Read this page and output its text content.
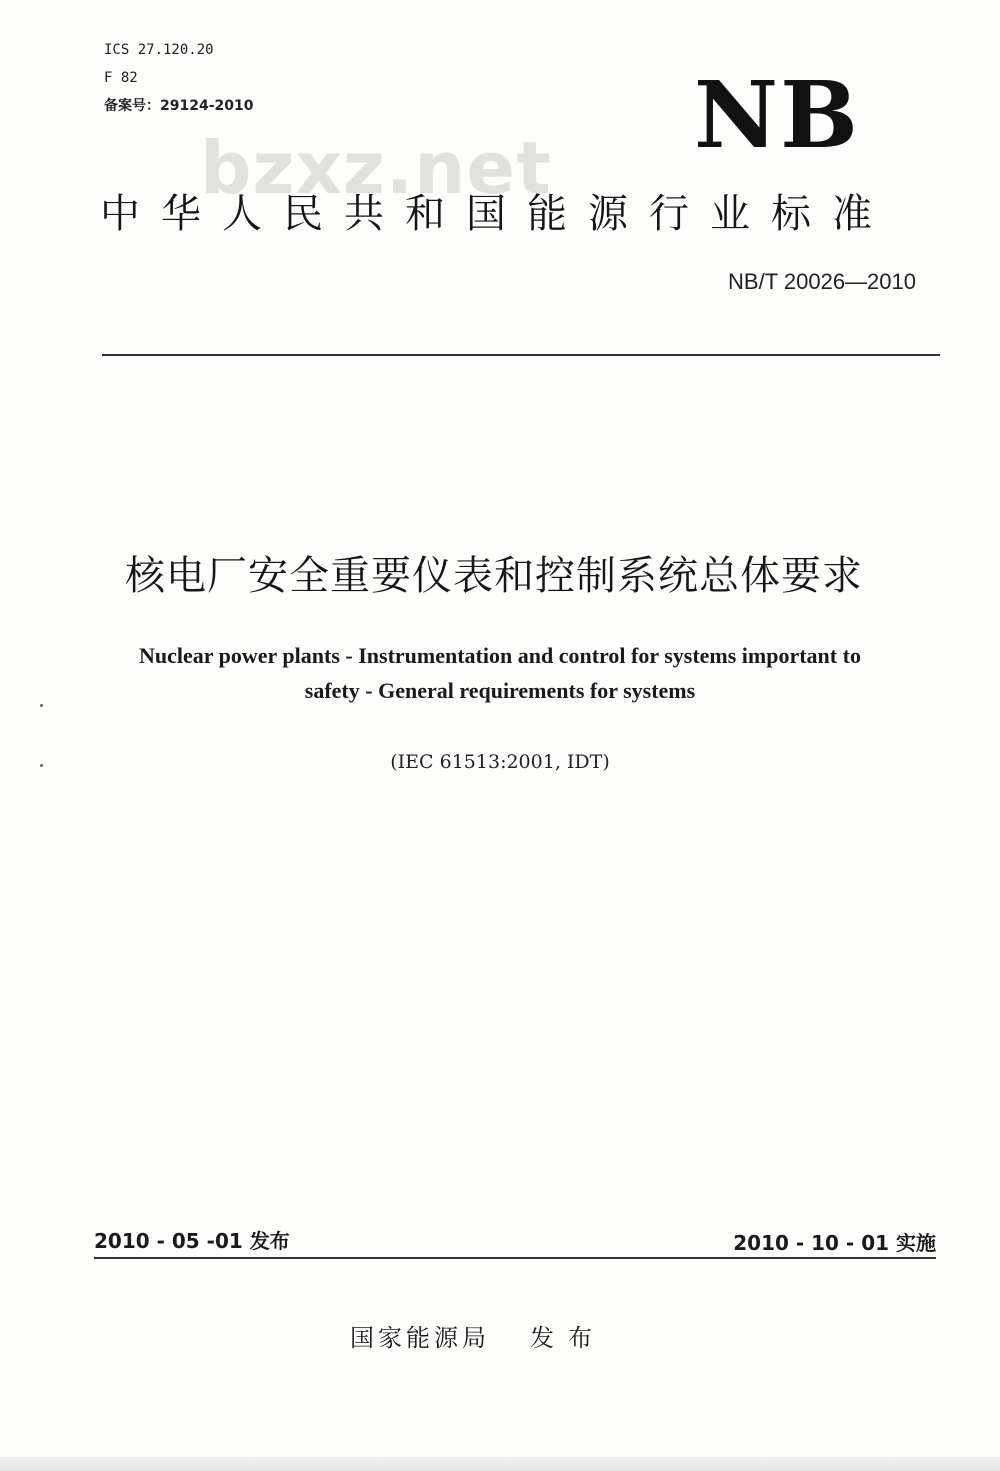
ICS 27.120.20
F 82
备案号：29124-2010	NB
bzxz.net
中华人民共和国能源行业标准
NB/T 20026—2010
核电厂安全重要仪表和控制系统总体要求
Nuclear power plants - Instrumentation and control for systems important to
safety - General requirements for systems
(IEC 61513:2001, IDT)
2010 - 05 -01 发布	2010 - 10 - 01 实施
国家能源局 发布
